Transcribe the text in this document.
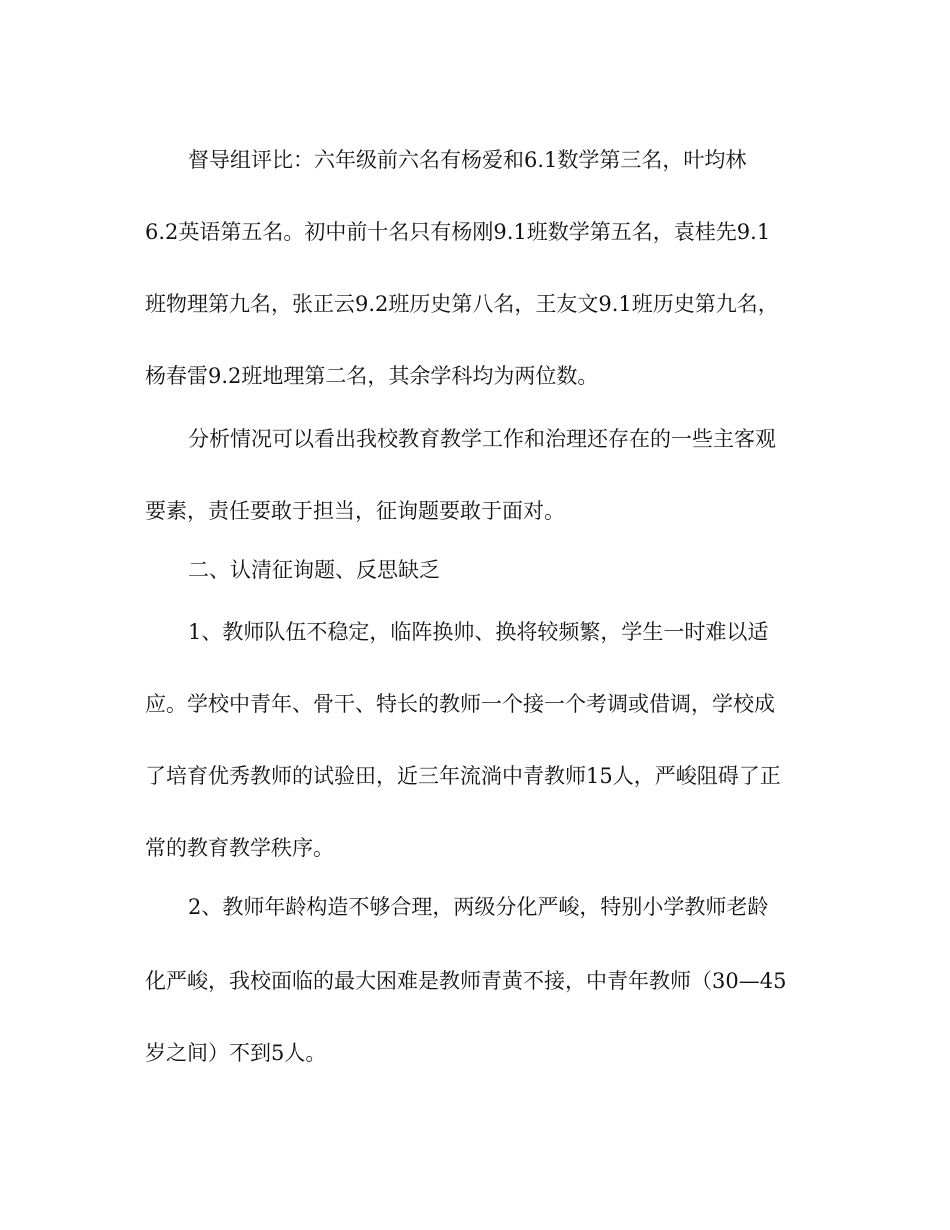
督导组评比：六年级前六名有杨爱和6.1数学第三名，叶均林
6.2英语第五名。初中前十名只有杨刚9.1班数学第五名，袁桂先9.1
班物理第九名，张正云9.2班历史第八名，王友文9.1班历史第九名，
杨春雷9.2班地理第二名，其余学科均为两位数。
分析情况可以看出我校教育教学工作和治理还存在的一些主客观
要素，责任要敢于担当，征询题要敢于面对。
二、认清征询题、反思缺乏
1、教师队伍不稳定，临阵换帅、换将较频繁，学生一时难以适
应。学校中青年、骨干、特长的教师一个接一个考调或借调，学校成
了培育优秀教师的试验田，近三年流淌中青教师15人，严峻阻碍了正
常的教育教学秩序。
2、教师年龄构造不够合理，两级分化严峻，特别小学教师老龄
化严峻，我校面临的最大困难是教师青黄不接，中青年教师（30—45
岁之间）不到5人。
